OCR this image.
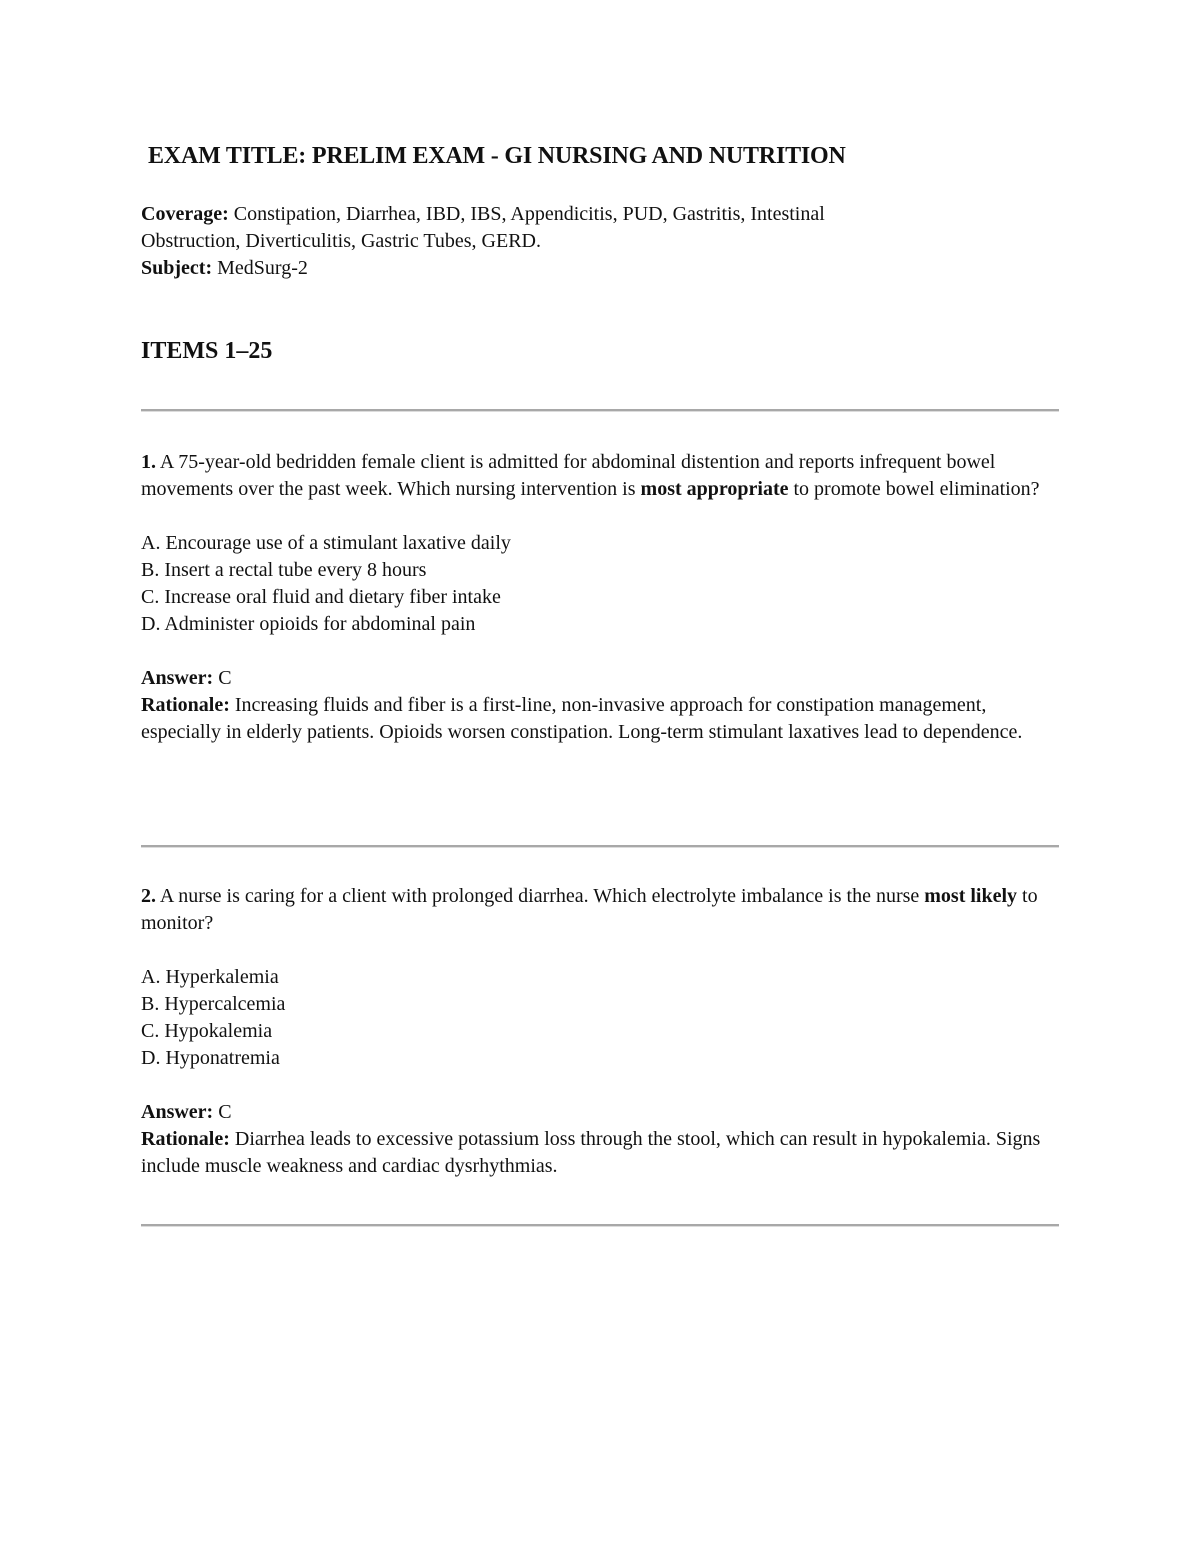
EXAM TITLE: PRELIM EXAM - GI NURSING AND NUTRITION

Coverage: Constipation, Diarrhea, IBD, IBS, Appendicitis, PUD, Gastritis, Intestinal

Obstruction, Diverticulitis, Gastric Tubes, GERD.

Subject: MedSurg-2

ITEMS 1–25

1. A 75-year-old bedridden female client is admitted for abdominal distention and reports infrequent bowel movements over the past week. Which nursing intervention is most appropriate to promote bowel elimination?

A. Encourage use of a stimulant laxative daily
B. Insert a rectal tube every 8 hours
C. Increase oral fluid and dietary fiber intake
D. Administer opioids for abdominal pain

Answer: C

Rationale: Increasing fluids and fiber is a first-line, non-invasive approach for constipation management, especially in elderly patients. Opioids worsen constipation. Long-term stimulant laxatives lead to dependence.

2. A nurse is caring for a client with prolonged diarrhea. Which electrolyte imbalance is the nurse most likely to monitor?

A. Hyperkalemia
B. Hypercalcemia
C. Hypokalemia
D. Hyponatremia

Answer: C

Rationale: Diarrhea leads to excessive potassium loss through the stool, which can result in hypokalemia. Signs include muscle weakness and cardiac dysrhythmias.
